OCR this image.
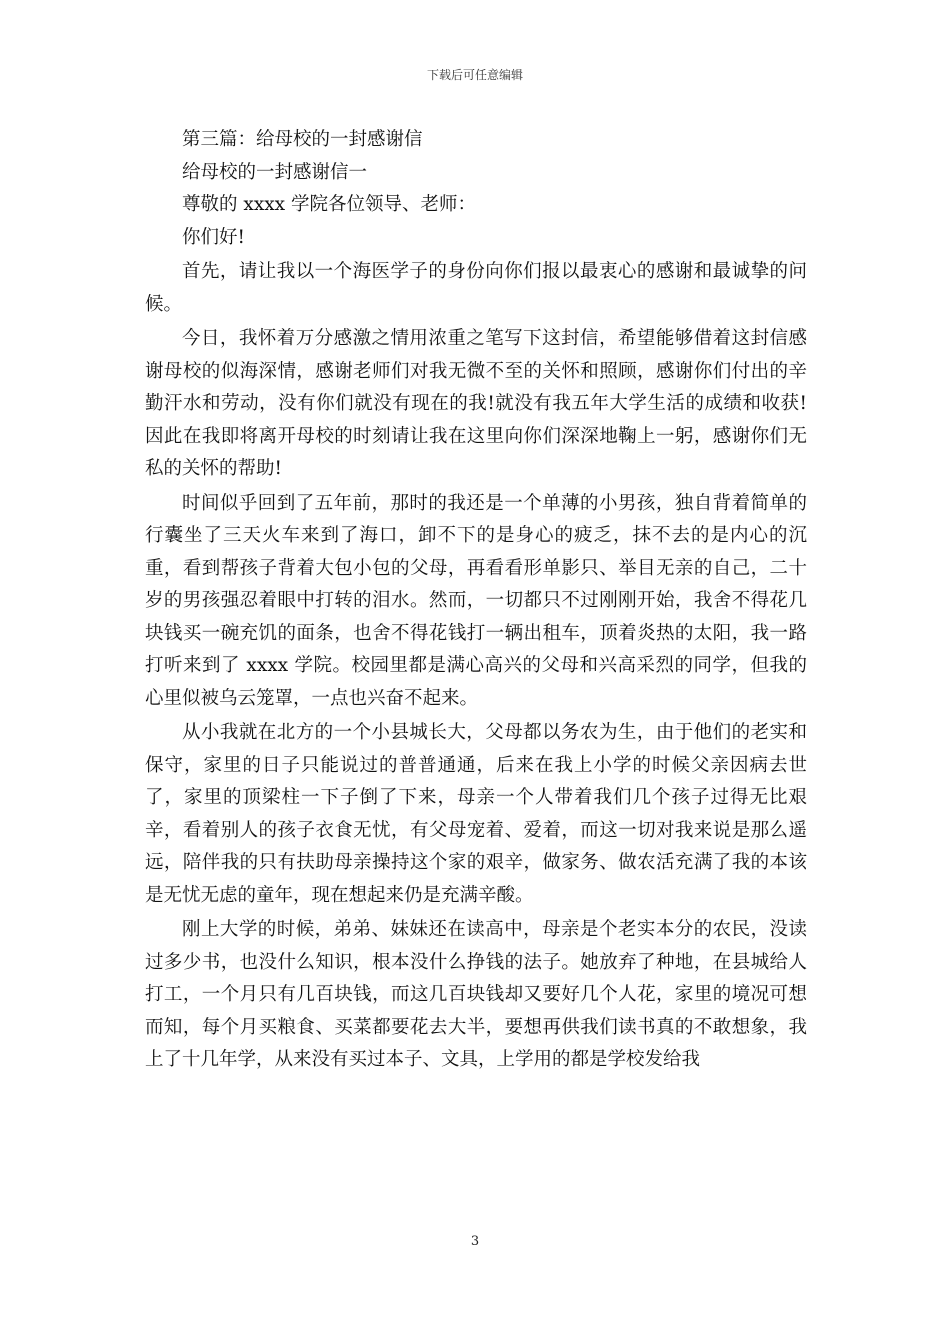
下载后可任意编辑

第三篇：给母校的一封感谢信

给母校的一封感谢信一

尊敬的 xxxx 学院各位领导、老师：

你们好!

首先，请让我以一个海医学子的身份向你们报以最衷心的感谢和最诚挚的问候。

今日，我怀着万分感激之情用浓重之笔写下这封信，希望能够借着这封信感谢母校的似海深情，感谢老师们对我无微不至的关怀和照顾，感谢你们付出的辛勤汗水和劳动，没有你们就没有现在的我!就没有我五年大学生活的成绩和收获!因此在我即将离开母校的时刻请让我在这里向你们深深地鞠上一躬，感谢你们无私的关怀的帮助!

时间似乎回到了五年前，那时的我还是一个单薄的小男孩，独自背着简单的行囊坐了三天火车来到了海口，卸不下的是身心的疲乏，抹不去的是内心的沉重，看到帮孩子背着大包小包的父母，再看看形单影只、举目无亲的自己，二十岁的男孩强忍着眼中打转的泪水。然而，一切都只不过刚刚开始，我舍不得花几块钱买一碗充饥的面条，也舍不得花钱打一辆出租车，顶着炎热的太阳，我一路打听来到了 xxxx 学院。校园里都是满心高兴的父母和兴高采烈的同学，但我的心里似被乌云笼罩，一点也兴奋不起来。

从小我就在北方的一个小县城长大，父母都以务农为生，由于他们的老实和保守，家里的日子只能说过的普普通通，后来在我上小学的时候父亲因病去世了，家里的顶梁柱一下子倒了下来，母亲一个人带着我们几个孩子过得无比艰辛，看着别人的孩子衣食无忧，有父母宠着、爱着，而这一切对我来说是那么遥远，陪伴我的只有扶助母亲操持这个家的艰辛，做家务、做农活充满了我的本该是无忧无虑的童年，现在想起来仍是充满辛酸。

刚上大学的时候，弟弟、妹妹还在读高中，母亲是个老实本分的农民，没读过多少书，也没什么知识，根本没什么挣钱的法子。她放弃了种地，在县城给人打工，一个月只有几百块钱，而这几百块钱却又要好几个人花，家里的境况可想而知，每个月买粮食、买菜都要花去大半，要想再供我们读书真的不敢想象，我上了十几年学，从来没有买过本子、文具，上学用的都是学校发给我

3
